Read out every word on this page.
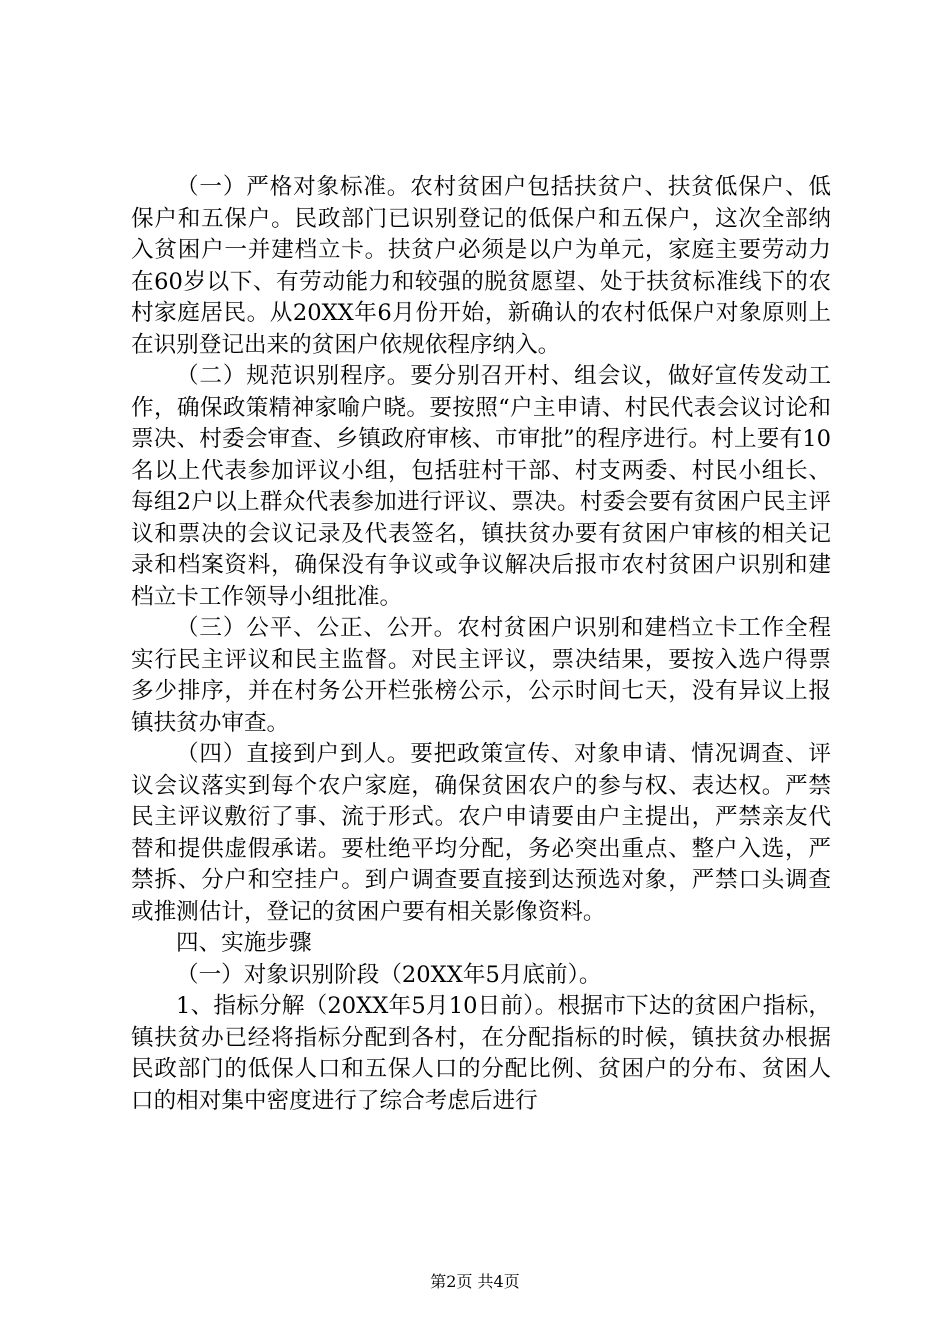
（一）严格对象标准。农村贫困户包括扶贫户、扶贫低保户、低保户和五保户。民政部门已识别登记的低保户和五保户，这次全部纳入贫困户一并建档立卡。扶贫户必须是以户为单元，家庭主要劳动力在60岁以下、有劳动能力和较强的脱贫愿望、处于扶贫标准线下的农村家庭居民。从20XX年6月份开始，新确认的农村低保户对象原则上在识别登记出来的贫困户依规依程序纳入。

（二）规范识别程序。要分别召开村、组会议，做好宣传发动工作，确保政策精神家喻户晓。要按照“户主申请、村民代表会议讨论和票决、村委会审查、乡镇政府审核、市审批”的程序进行。村上要有10名以上代表参加评议小组，包括驻村干部、村支两委、村民小组长、每组2户以上群众代表参加进行评议、票决。村委会要有贫困户民主评议和票决的会议记录及代表签名，镇扶贫办要有贫困户审核的相关记录和档案资料，确保没有争议或争议解决后报市农村贫困户识别和建档立卡工作领导小组批准。

（三）公平、公正、公开。农村贫困户识别和建档立卡工作全程实行民主评议和民主监督。对民主评议，票决结果，要按入选户得票多少排序，并在村务公开栏张榜公示，公示时间七天，没有异议上报镇扶贫办审查。

（四）直接到户到人。要把政策宣传、对象申请、情况调查、评议会议落实到每个农户家庭，确保贫困农户的参与权、表达权。严禁民主评议敷衍了事、流于形式。农户申请要由户主提出，严禁亲友代替和提供虚假承诺。要杜绝平均分配，务必突出重点、整户入选，严禁拆、分户和空挂户。到户调查要直接到达预选对象，严禁口头调查或推测估计，登记的贫困户要有相关影像资料。

四、实施步骤

（一）对象识别阶段（20XX年5月底前）。

1、指标分解（20XX年5月10日前）。根据市下达的贫困户指标，镇扶贫办已经将指标分配到各村，在分配指标的时候，镇扶贫办根据民政部门的低保人口和五保人口的分配比例、贫困户的分布、贫困人口的相对集中密度进行了综合考虑后进行

第2页 共4页
